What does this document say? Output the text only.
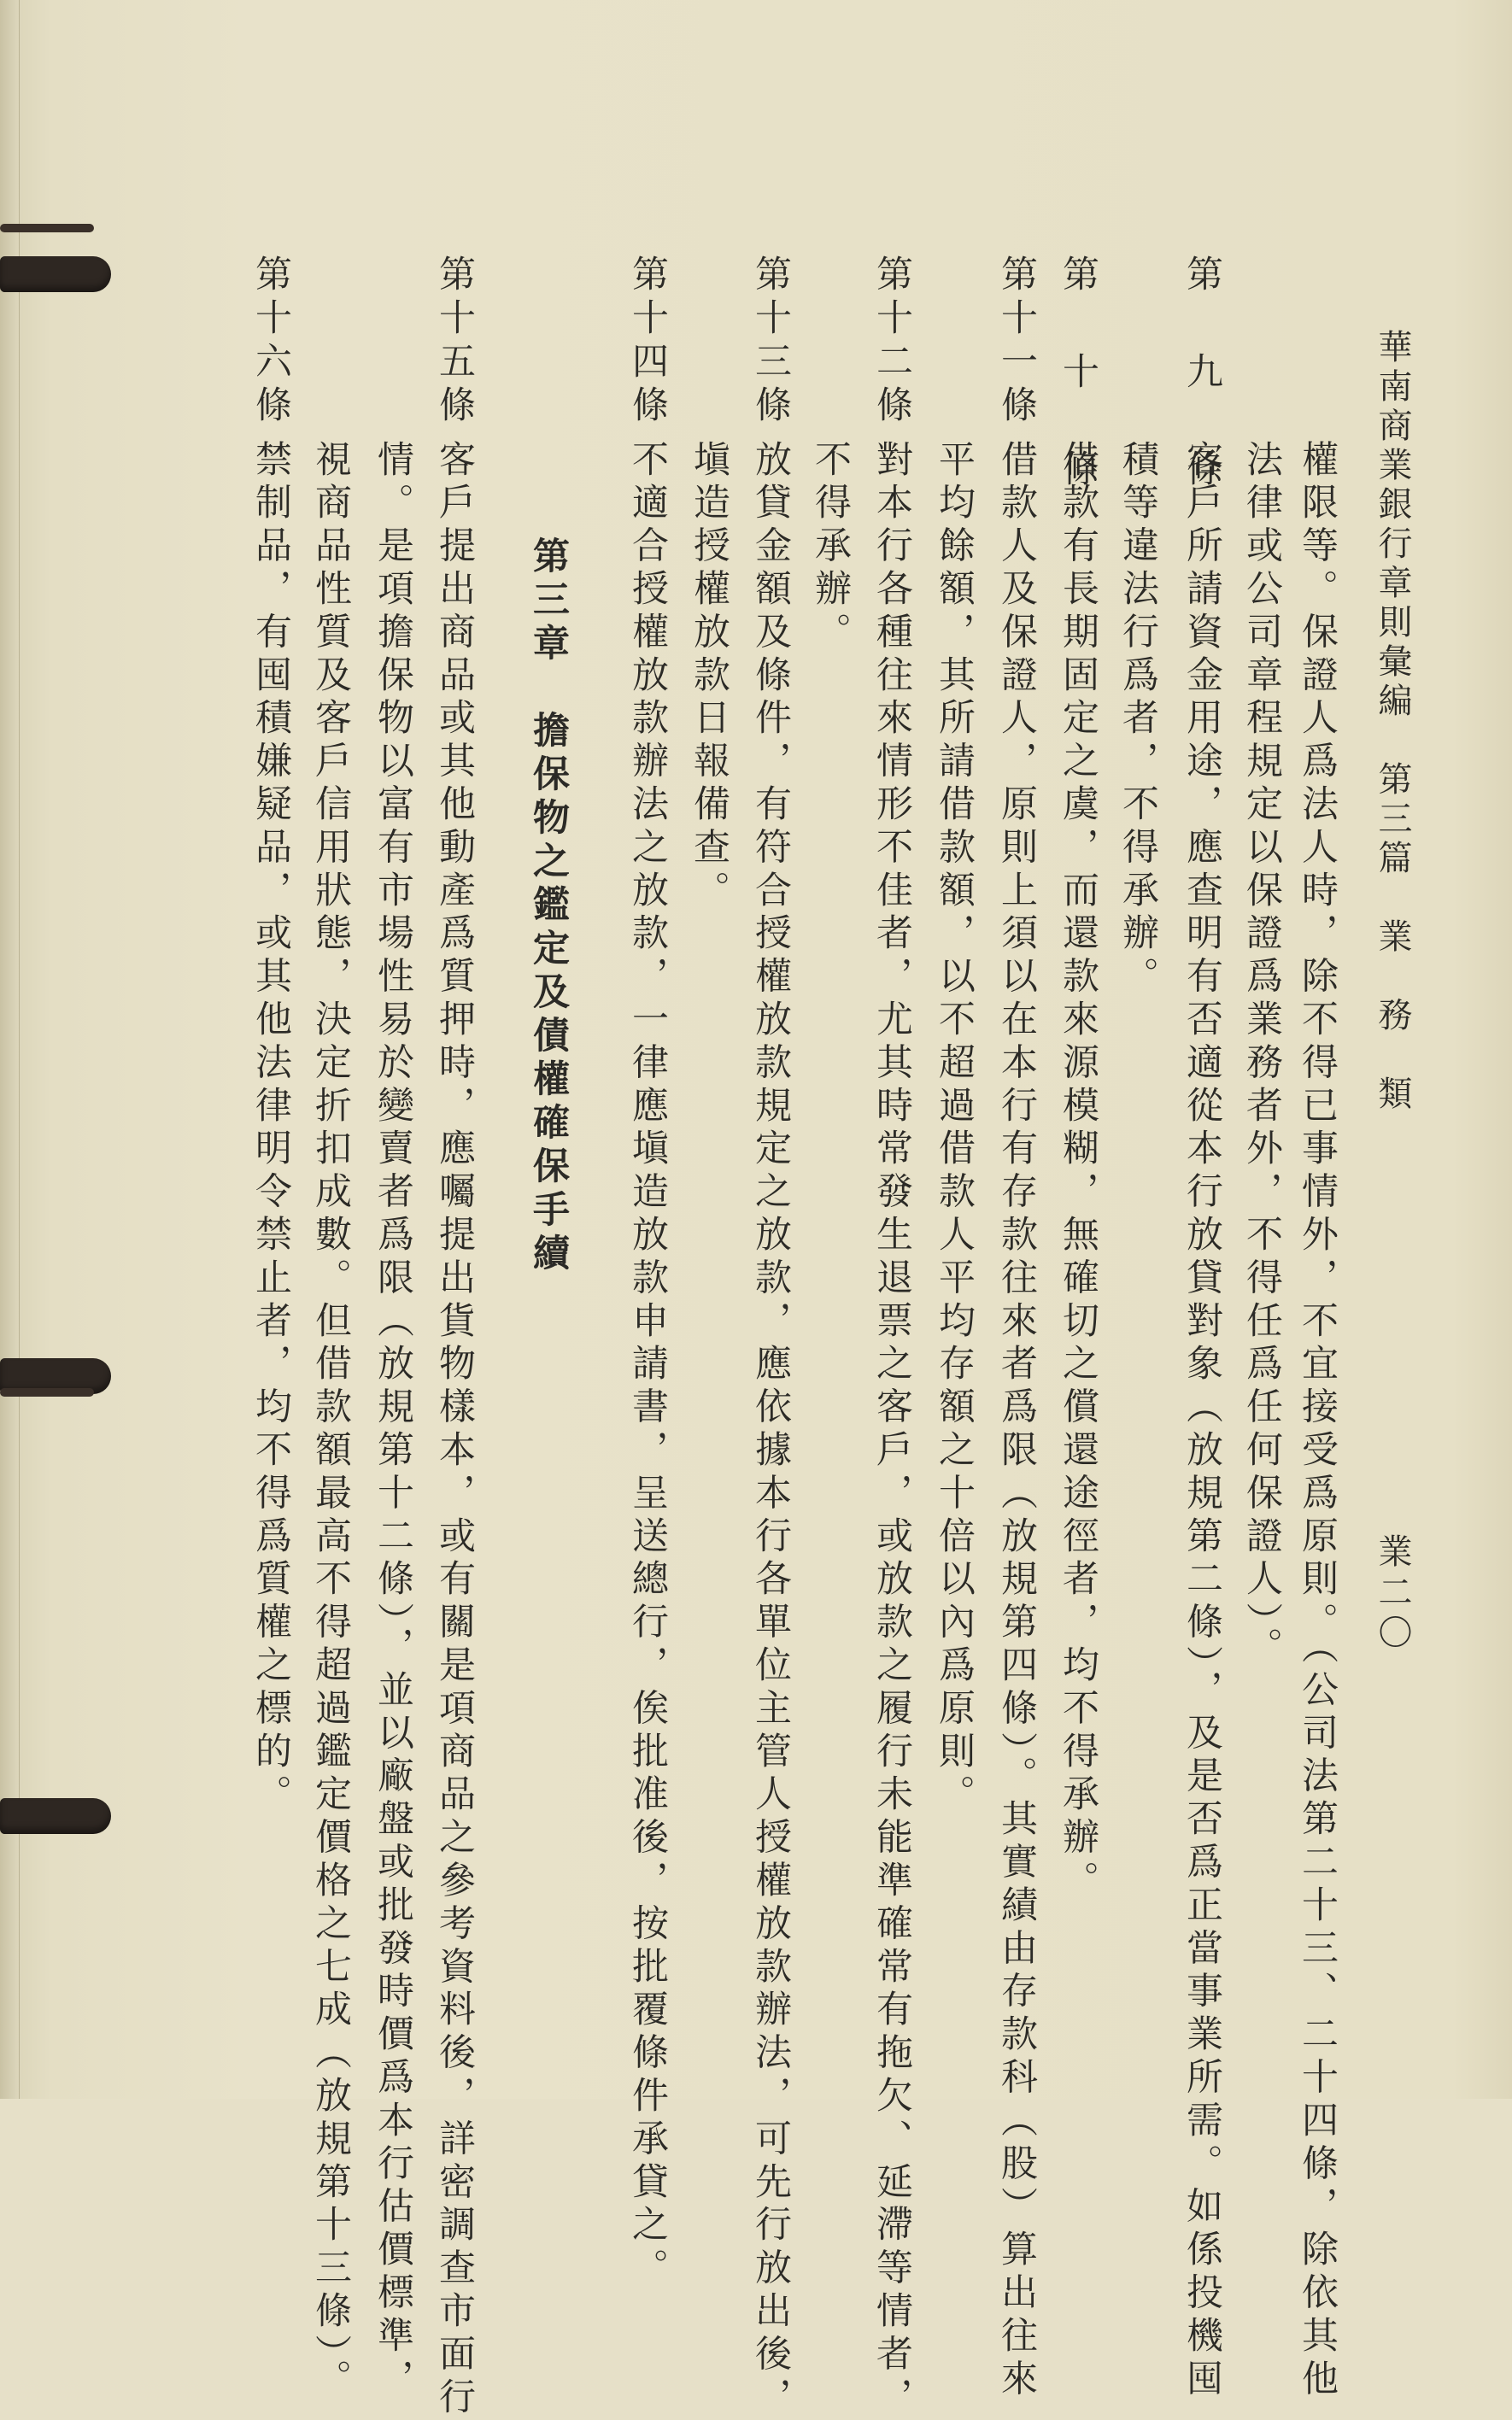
華南商業銀行章則彙編　第三篇　業　務　類
業二〇
權限等。保證人爲法人時，除不得已事情外，不宜接受爲原則。（公司法第二十三、二十四條，除依其他
法律或公司章程規定以保證爲業務者外，不得任爲任何保證人）。
第　九　條
客戶所請資金用途，應查明有否適從本行放貸對象（放規第二條），及是否爲正當事業所需。如係投機囤
積等違法行爲者，不得承辦。
第　十　條
借款有長期固定之虞，而還款來源模糊，無確切之償還途徑者，均不得承辦。
第十一條
借款人及保證人，原則上須以在本行有存款往來者爲限（放規第四條）。其實績由存款科（股）算出往來
平均餘額，其所請借款額，以不超過借款人平均存額之十倍以內爲原則。
第十二條
對本行各種往來情形不佳者，尤其時常發生退票之客戶，或放款之履行未能準確常有拖欠、延滯等情者，
不得承辦。
第十三條
放貸金額及條件，有符合授權放款規定之放款，應依據本行各單位主管人授權放款辦法，可先行放出後，
塡造授權放款日報備查。
第十四條
不適合授權放款辦法之放款，一律應塡造放款申請書，呈送總行，俟批准後，按批覆條件承貸之。
第三章　擔保物之鑑定及債權確保手續
第十五條
客戶提出商品或其他動產爲質押時，應囑提出貨物樣本，或有關是項商品之參考資料後，詳密調查市面行
情。是項擔保物以富有市場性易於變賣者爲限（放規第十二條），並以廠盤或批發時價爲本行估價標準，
視商品性質及客戶信用狀態，決定折扣成數。但借款額最高不得超過鑑定價格之七成（放規第十三條）。
第十六條
禁制品，有囤積嫌疑品，或其他法律明令禁止者，均不得爲質權之標的。
